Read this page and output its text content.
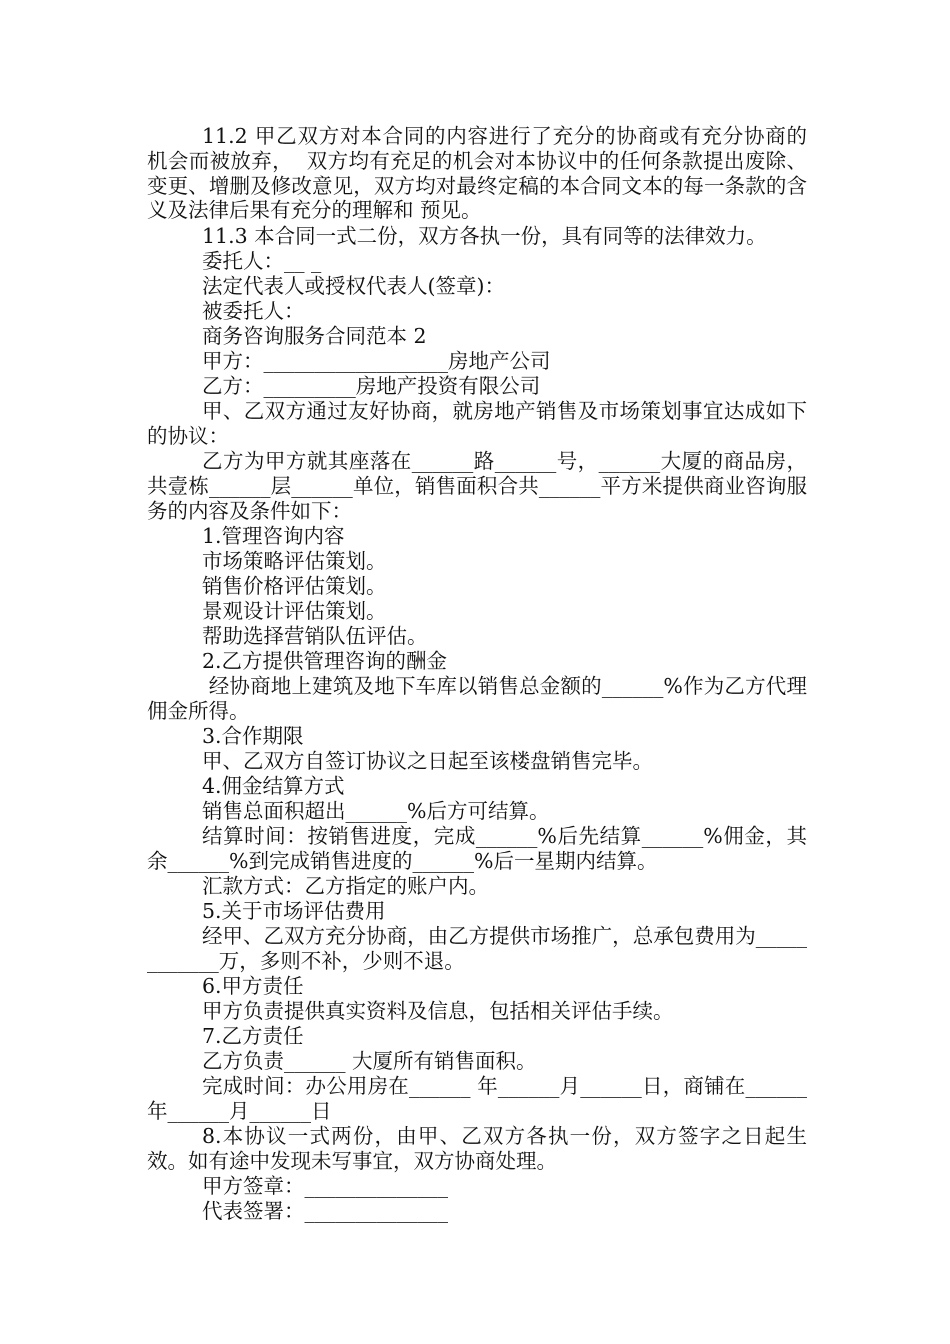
11.2 甲乙双方对本合同的内容进行了充分的协商或有充分协商的机会而被放弃，  双方均有充足的机会对本协议中的任何条款提出废除、变更、增删及修改意见，双方均对最终定稿的本合同文本的每一条款的含义及法律后果有充分的理解和 预见。
11.3 本合同一式二份，双方各执一份，具有同等的法律效力。
委托人：__ _
法定代表人或授权代表人(签章)：
被委托人：
商务咨询服务合同范本 2
甲方：__________________房地产公司
乙方：_________房地产投资有限公司
甲、乙双方通过友好协商，就房地产销售及市场策划事宜达成如下的协议：
乙方为甲方就其座落在______路______号，______大厦的商品房，共壹栋______层______单位，销售面积合共______平方米提供商业咨询服务的内容及条件如下：
1.管理咨询内容
市场策略评估策划。
销售价格评估策划。
景观设计评估策划。
帮助选择营销队伍评估。
2.乙方提供管理咨询的酬金
经协商地上建筑及地下车库以销售总金额的______%作为乙方代理佣金所得。
3.合作期限
甲、乙双方自签订协议之日起至该楼盘销售完毕。
4.佣金结算方式
销售总面积超出______%后方可结算。
结算时间：按销售进度，完成______%后先结算______%佣金，其余______%到完成销售进度的______%后一星期内结算。
汇款方式：乙方指定的账户内。
5.关于市场评估费用
经甲、乙双方充分协商，由乙方提供市场推广，总承包费用为____________万，多则不补，少则不退。
6.甲方责任
甲方负责提供真实资料及信息，包括相关评估手续。
7.乙方责任
乙方负责______ 大厦所有销售面积。
完成时间：办公用房在______ 年______月______日，商铺在______年______月______日
8.本协议一式两份，由甲、乙双方各执一份，双方签字之日起生效。如有途中发现未写事宜，双方协商处理。
甲方签章：______________
代表签署：______________
